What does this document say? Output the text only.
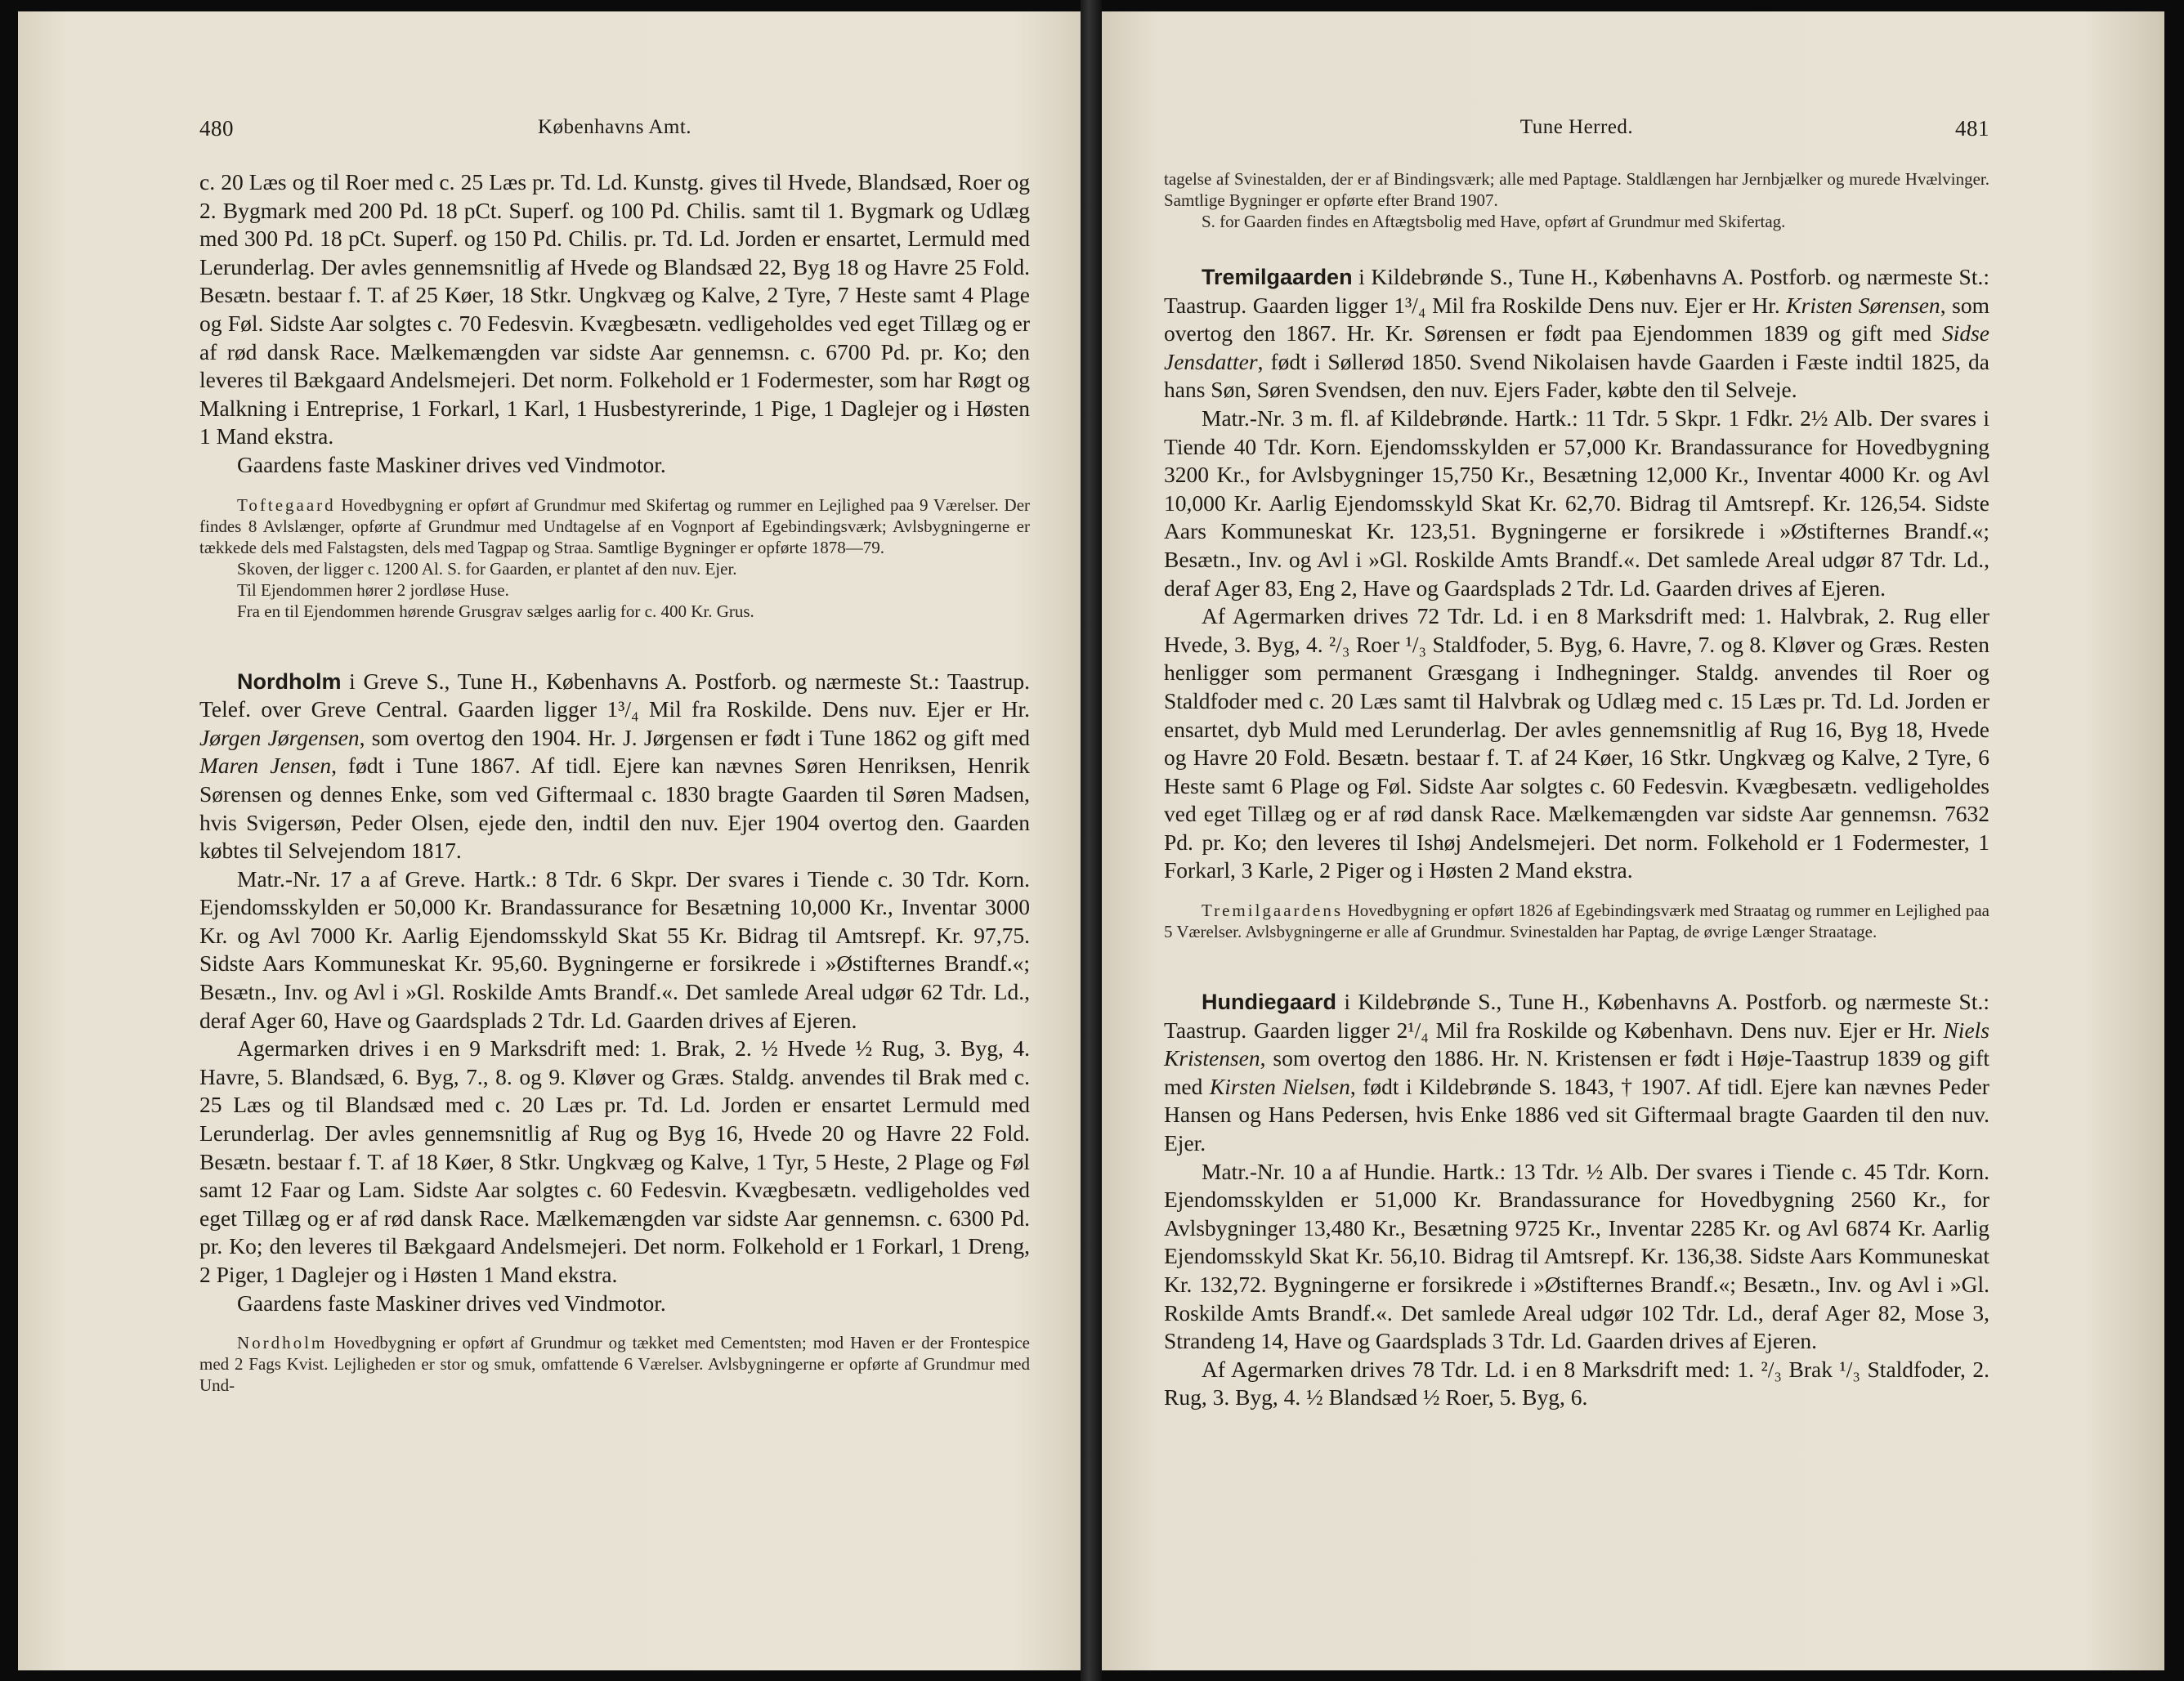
480	Københavns Amt.

c. 20 Læs og til Roer med c. 25 Læs pr. Td. Ld. Kunstg. gives til Hvede, Blandsæd, Roer og 2. Bygmark med 200 Pd. 18 pCt. Superf. og 100 Pd. Chilis. samt til 1. Bygmark og Udlæg med 300 Pd. 18 pCt. Superf. og 150 Pd. Chilis. pr. Td. Ld. Jorden er ensartet, Lermuld med Lerunderlag. Der avles gennemsnitlig af Hvede og Blandsæd 22, Byg 18 og Havre 25 Fold. Besætn. bestaar f. T. af 25 Køer, 18 Stkr. Ungkvæg og Kalve, 2 Tyre, 7 Heste samt 4 Plage og Føl. Sidste Aar solgtes c. 70 Fedesvin. Kvægbesætn. vedligeholdes ved eget Tillæg og er af rød dansk Race. Mælkemængden var sidste Aar gennemsn. c. 6700 Pd. pr. Ko; den leveres til Bækgaard Andelsmejeri. Det norm. Folkehold er 1 Fodermester, som har Røgt og Malkning i Entreprise, 1 Forkarl, 1 Karl, 1 Husbestyrerinde, 1 Pige, 1 Daglejer og i Høsten 1 Mand ekstra.

Gaardens faste Maskiner drives ved Vindmotor.

Toftegaard Hovedbygning er opført af Grundmur med Skifertag og rummer en Lejlighed paa 9 Værelser. Der findes 8 Avlslænger, opførte af Grundmur med Undtagelse af en Vognport af Egebindingsværk; Avlsbygningerne er tækkede dels med Falstagsten, dels med Tagpap og Straa. Samtlige Bygninger er opførte 1878—79.

Skoven, der ligger c. 1200 Al. S. for Gaarden, er plantet af den nuv. Ejer.

Til Ejendommen hører 2 jordløse Huse.

Fra en til Ejendommen hørende Grusgrav sælges aarlig for c. 400 Kr. Grus.

Nordholm i Greve S., Tune H., Københavns A. Postforb. og nærmeste St.: Taastrup. Telef. over Greve Central. Gaarden ligger 1³/₄ Mil fra Roskilde. Dens nuv. Ejer er Hr. Jørgen Jørgensen, som overtog den 1904. Hr. J. Jørgensen er født i Tune 1862 og gift med Maren Jensen, født i Tune 1867. Af tidl. Ejere kan nævnes Søren Henriksen, Henrik Sørensen og dennes Enke, som ved Giftermaal c. 1830 bragte Gaarden til Søren Madsen, hvis Svigersøn, Peder Olsen, ejede den, indtil den nuv. Ejer 1904 overtog den. Gaarden købtes til Selvejendom 1817.

Matr.-Nr. 17 a af Greve. Hartk.: 8 Tdr. 6 Skpr. Der svares i Tiende c. 30 Tdr. Korn. Ejendomsskylden er 50,000 Kr. Brandassurance for Besætning 10,000 Kr., Inventar 3000 Kr. og Avl 7000 Kr. Aarlig Ejendomsskyld Skat 55 Kr. Bidrag til Amtsrepf. Kr. 97,75. Sidste Aars Kommuneskat Kr. 95,60. Bygningerne er forsikrede i »Østifternes Brandf.«; Besætn., Inv. og Avl i »Gl. Roskilde Amts Brandf.«. Det samlede Areal udgør 62 Tdr. Ld., deraf Ager 60, Have og Gaardsplads 2 Tdr. Ld. Gaarden drives af Ejeren.

Agermarken drives i en 9 Marksdrift med: 1. Brak, 2. ½ Hvede ½ Rug, 3. Byg, 4. Havre, 5. Blandsæd, 6. Byg, 7., 8. og 9. Kløver og Græs. Staldg. anvendes til Brak med c. 25 Læs og til Blandsæd med c. 20 Læs pr. Td. Ld. Jorden er ensartet Lermuld med Lerunderlag. Der avles gennemsnitlig af Rug og Byg 16, Hvede 20 og Havre 22 Fold. Besætn. bestaar f. T. af 18 Køer, 8 Stkr. Ungkvæg og Kalve, 1 Tyr, 5 Heste, 2 Plage og Føl samt 12 Faar og Lam. Sidste Aar solgtes c. 60 Fedesvin. Kvægbesætn. vedligeholdes ved eget Tillæg og er af rød dansk Race. Mælkemængden var sidste Aar gennemsn. c. 6300 Pd. pr. Ko; den leveres til Bækgaard Andelsmejeri. Det norm. Folkehold er 1 Forkarl, 1 Dreng, 2 Piger, 1 Daglejer og i Høsten 1 Mand ekstra.

Gaardens faste Maskiner drives ved Vindmotor.

Nordholm Hovedbygning er opført af Grundmur og tækket med Cementsten; mod Haven er der Frontespice med 2 Fags Kvist. Lejligheden er stor og smuk, omfattende 6 Værelser. Avlsbygningerne er opførte af Grundmur med Und-

Tune Herred.	481

tagelse af Svinestalden, der er af Bindingsværk; alle med Paptage. Staldlængen har Jernbjælker og murede Hvælvinger. Samtlige Bygninger er opførte efter Brand 1907.

S. for Gaarden findes en Aftægtsbolig med Have, opført af Grundmur med Skifertag.

Tremilgaarden i Kildebrønde S., Tune H., Københavns A. Postforb. og nærmeste St.: Taastrup. Gaarden ligger 1³/₄ Mil fra Roskilde Dens nuv. Ejer er Hr. Kristen Sørensen, som overtog den 1867. Hr. Kr. Sørensen er født paa Ejendommen 1839 og gift med Sidse Jensdatter, født i Søllerød 1850. Svend Nikolaisen havde Gaarden i Fæste indtil 1825, da hans Søn, Søren Svendsen, den nuv. Ejers Fader, købte den til Selveje.

Matr.-Nr. 3 m. fl. af Kildebrønde. Hartk.: 11 Tdr. 5 Skpr. 1 Fdkr. 2½ Alb. Der svares i Tiende 40 Tdr. Korn. Ejendomsskylden er 57,000 Kr. Brandassurance for Hovedbygning 3200 Kr., for Avlsbygninger 15,750 Kr., Besætning 12,000 Kr., Inventar 4000 Kr. og Avl 10,000 Kr. Aarlig Ejendomsskyld Skat Kr. 62,70. Bidrag til Amtsrepf. Kr. 126,54. Sidste Aars Kommuneskat Kr. 123,51. Bygningerne er forsikrede i »Østifternes Brandf.«; Besætn., Inv. og Avl i »Gl. Roskilde Amts Brandf.«. Det samlede Areal udgør 87 Tdr. Ld., deraf Ager 83, Eng 2, Have og Gaardsplads 2 Tdr. Ld. Gaarden drives af Ejeren.

Af Agermarken drives 72 Tdr. Ld. i en 8 Marksdrift med: 1. Halvbrak, 2. Rug eller Hvede, 3. Byg, 4. ²/₃ Roer ¹/₃ Staldfoder, 5. Byg, 6. Havre, 7. og 8. Kløver og Græs. Resten henligger som permanent Græsgang i Indhegninger. Staldg. anvendes til Roer og Staldfoder med c. 20 Læs samt til Halvbrak og Udlæg med c. 15 Læs pr. Td. Ld. Jorden er ensartet, dyb Muld med Lerunderlag. Der avles gennemsnitlig af Rug 16, Byg 18, Hvede og Havre 20 Fold. Besætn. bestaar f. T. af 24 Køer, 16 Stkr. Ungkvæg og Kalve, 2 Tyre, 6 Heste samt 6 Plage og Føl. Sidste Aar solgtes c. 60 Fedesvin. Kvægbesætn. vedligeholdes ved eget Tillæg og er af rød dansk Race. Mælkemængden var sidste Aar gennemsn. 7632 Pd. pr. Ko; den leveres til Ishøj Andelsmejeri. Det norm. Folkehold er 1 Fodermester, 1 Forkarl, 3 Karle, 2 Piger og i Høsten 2 Mand ekstra.

Tremilgaardens Hovedbygning er opført 1826 af Egebindingsværk med Straatag og rummer en Lejlighed paa 5 Værelser. Avlsbygningerne er alle af Grundmur. Svinestalden har Paptag, de øvrige Længer Straatage.

Hundiegaard i Kildebrønde S., Tune H., Københavns A. Postforb. og nærmeste St.: Taastrup. Gaarden ligger 2¹/₄ Mil fra Roskilde og København. Dens nuv. Ejer er Hr. Niels Kristensen, som overtog den 1886. Hr. N. Kristensen er født i Høje-Taastrup 1839 og gift med Kirsten Nielsen, født i Kildebrønde S. 1843, † 1907. Af tidl. Ejere kan nævnes Peder Hansen og Hans Pedersen, hvis Enke 1886 ved sit Giftermaal bragte Gaarden til den nuv. Ejer.

Matr.-Nr. 10 a af Hundie. Hartk.: 13 Tdr. ½ Alb. Der svares i Tiende c. 45 Tdr. Korn. Ejendomsskylden er 51,000 Kr. Brandassurance for Hovedbygning 2560 Kr., for Avlsbygninger 13,480 Kr., Besætning 9725 Kr., Inventar 2285 Kr. og Avl 6874 Kr. Aarlig Ejendomsskyld Skat Kr. 56,10. Bidrag til Amtsrepf. Kr. 136,38. Sidste Aars Kommuneskat Kr. 132,72. Bygningerne er forsikrede i »Østifternes Brandf.«; Besætn., Inv. og Avl i »Gl. Roskilde Amts Brandf.«. Det samlede Areal udgør 102 Tdr. Ld., deraf Ager 82, Mose 3, Strandeng 14, Have og Gaardsplads 3 Tdr. Ld. Gaarden drives af Ejeren.

Af Agermarken drives 78 Tdr. Ld. i en 8 Marksdrift med: 1. ²/₃ Brak ¹/₃ Staldfoder, 2. Rug, 3. Byg, 4. ½ Blandsæd ½ Roer, 5. Byg, 6.
